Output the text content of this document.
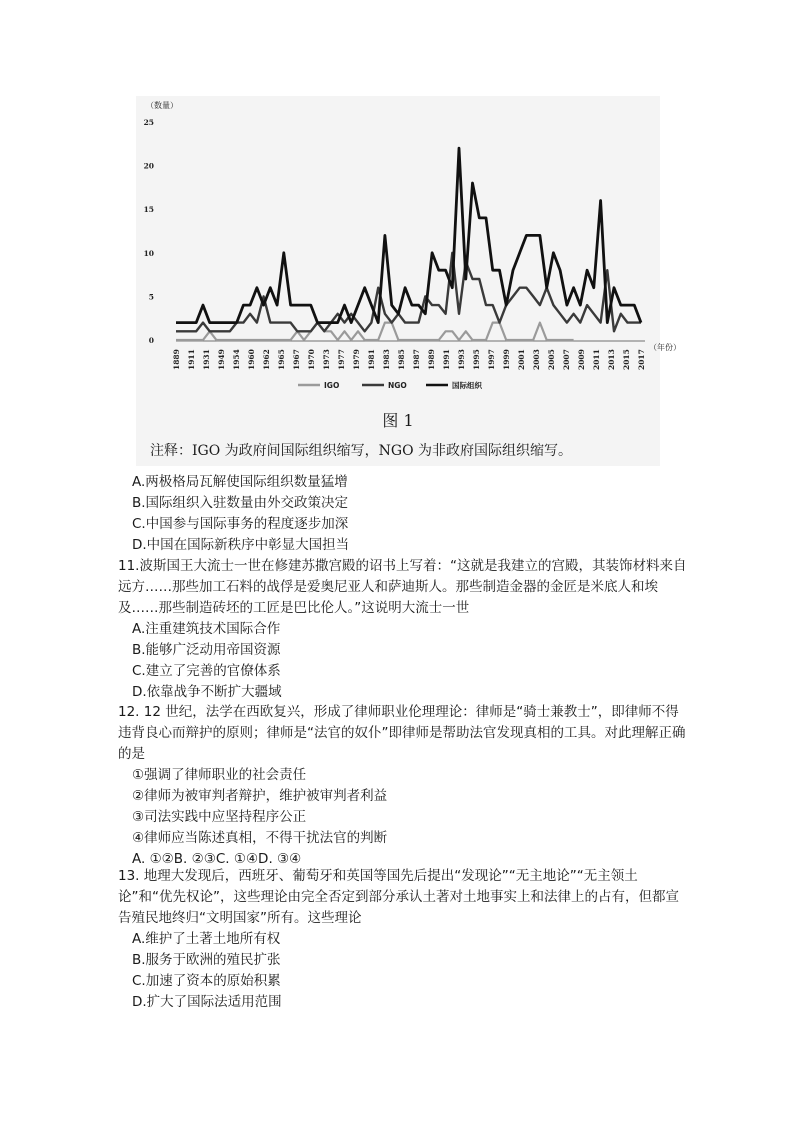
（数量）
0
5
10
15
20
25
1889 1911 1931 1949 1954 1960 1962 1965 1967 1970 1973 1977 1979 1981 1983 1985 1987 1989 1991 1993 1995 1997 1999 2001 2003 2005 2007 2009 2011 2013 2015 2017
（年份）
IGO	NGO	国际组织
图 1
注释：IGO 为政府间国际组织缩写，NGO 为非政府国际组织缩写。
A.两极格局瓦解使国际组织数量猛增
B.国际组织入驻数量由外交政策决定
C.中国参与国际事务的程度逐步加深
D.中国在国际新秩序中彰显大国担当
11.波斯国王大流士一世在修建苏撒宫殿的诏书上写着：“这就是我建立的宫殿，其装饰材料来自远方……那些加工石料的战俘是爱奥尼亚人和萨迪斯人。那些制造金器的金匠是米底人和埃及……那些制造砖坯的工匠是巴比伦人。”这说明大流士一世
A.注重建筑技术国际合作
B.能够广泛动用帝国资源
C.建立了完善的官僚体系
D.依靠战争不断扩大疆域
12. 12 世纪，法学在西欧复兴，形成了律师职业伦理理论：律师是“骑士兼教士”，即律师不得违背良心而辩护的原则；律师是“法官的奴仆”即律师是帮助法官发现真相的工具。对此理解正确的是
①强调了律师职业的社会责任
②律师为被审判者辩护，维护被审判者利益
③司法实践中应坚持程序公正
④律师应当陈述真相，不得干扰法官的判断
A. ①②B. ②③C. ①④D. ③④
13. 地理大发现后，西班牙、葡萄牙和英国等国先后提出“发现论”“无主地论”“无主领土论”和“优先权论”，这些理论由完全否定到部分承认土著对土地事实上和法律上的占有，但都宣告殖民地终归“文明国家”所有。这些理论
A.维护了土著土地所有权
B.服务于欧洲的殖民扩张
C.加速了资本的原始积累
D.扩大了国际法适用范围
